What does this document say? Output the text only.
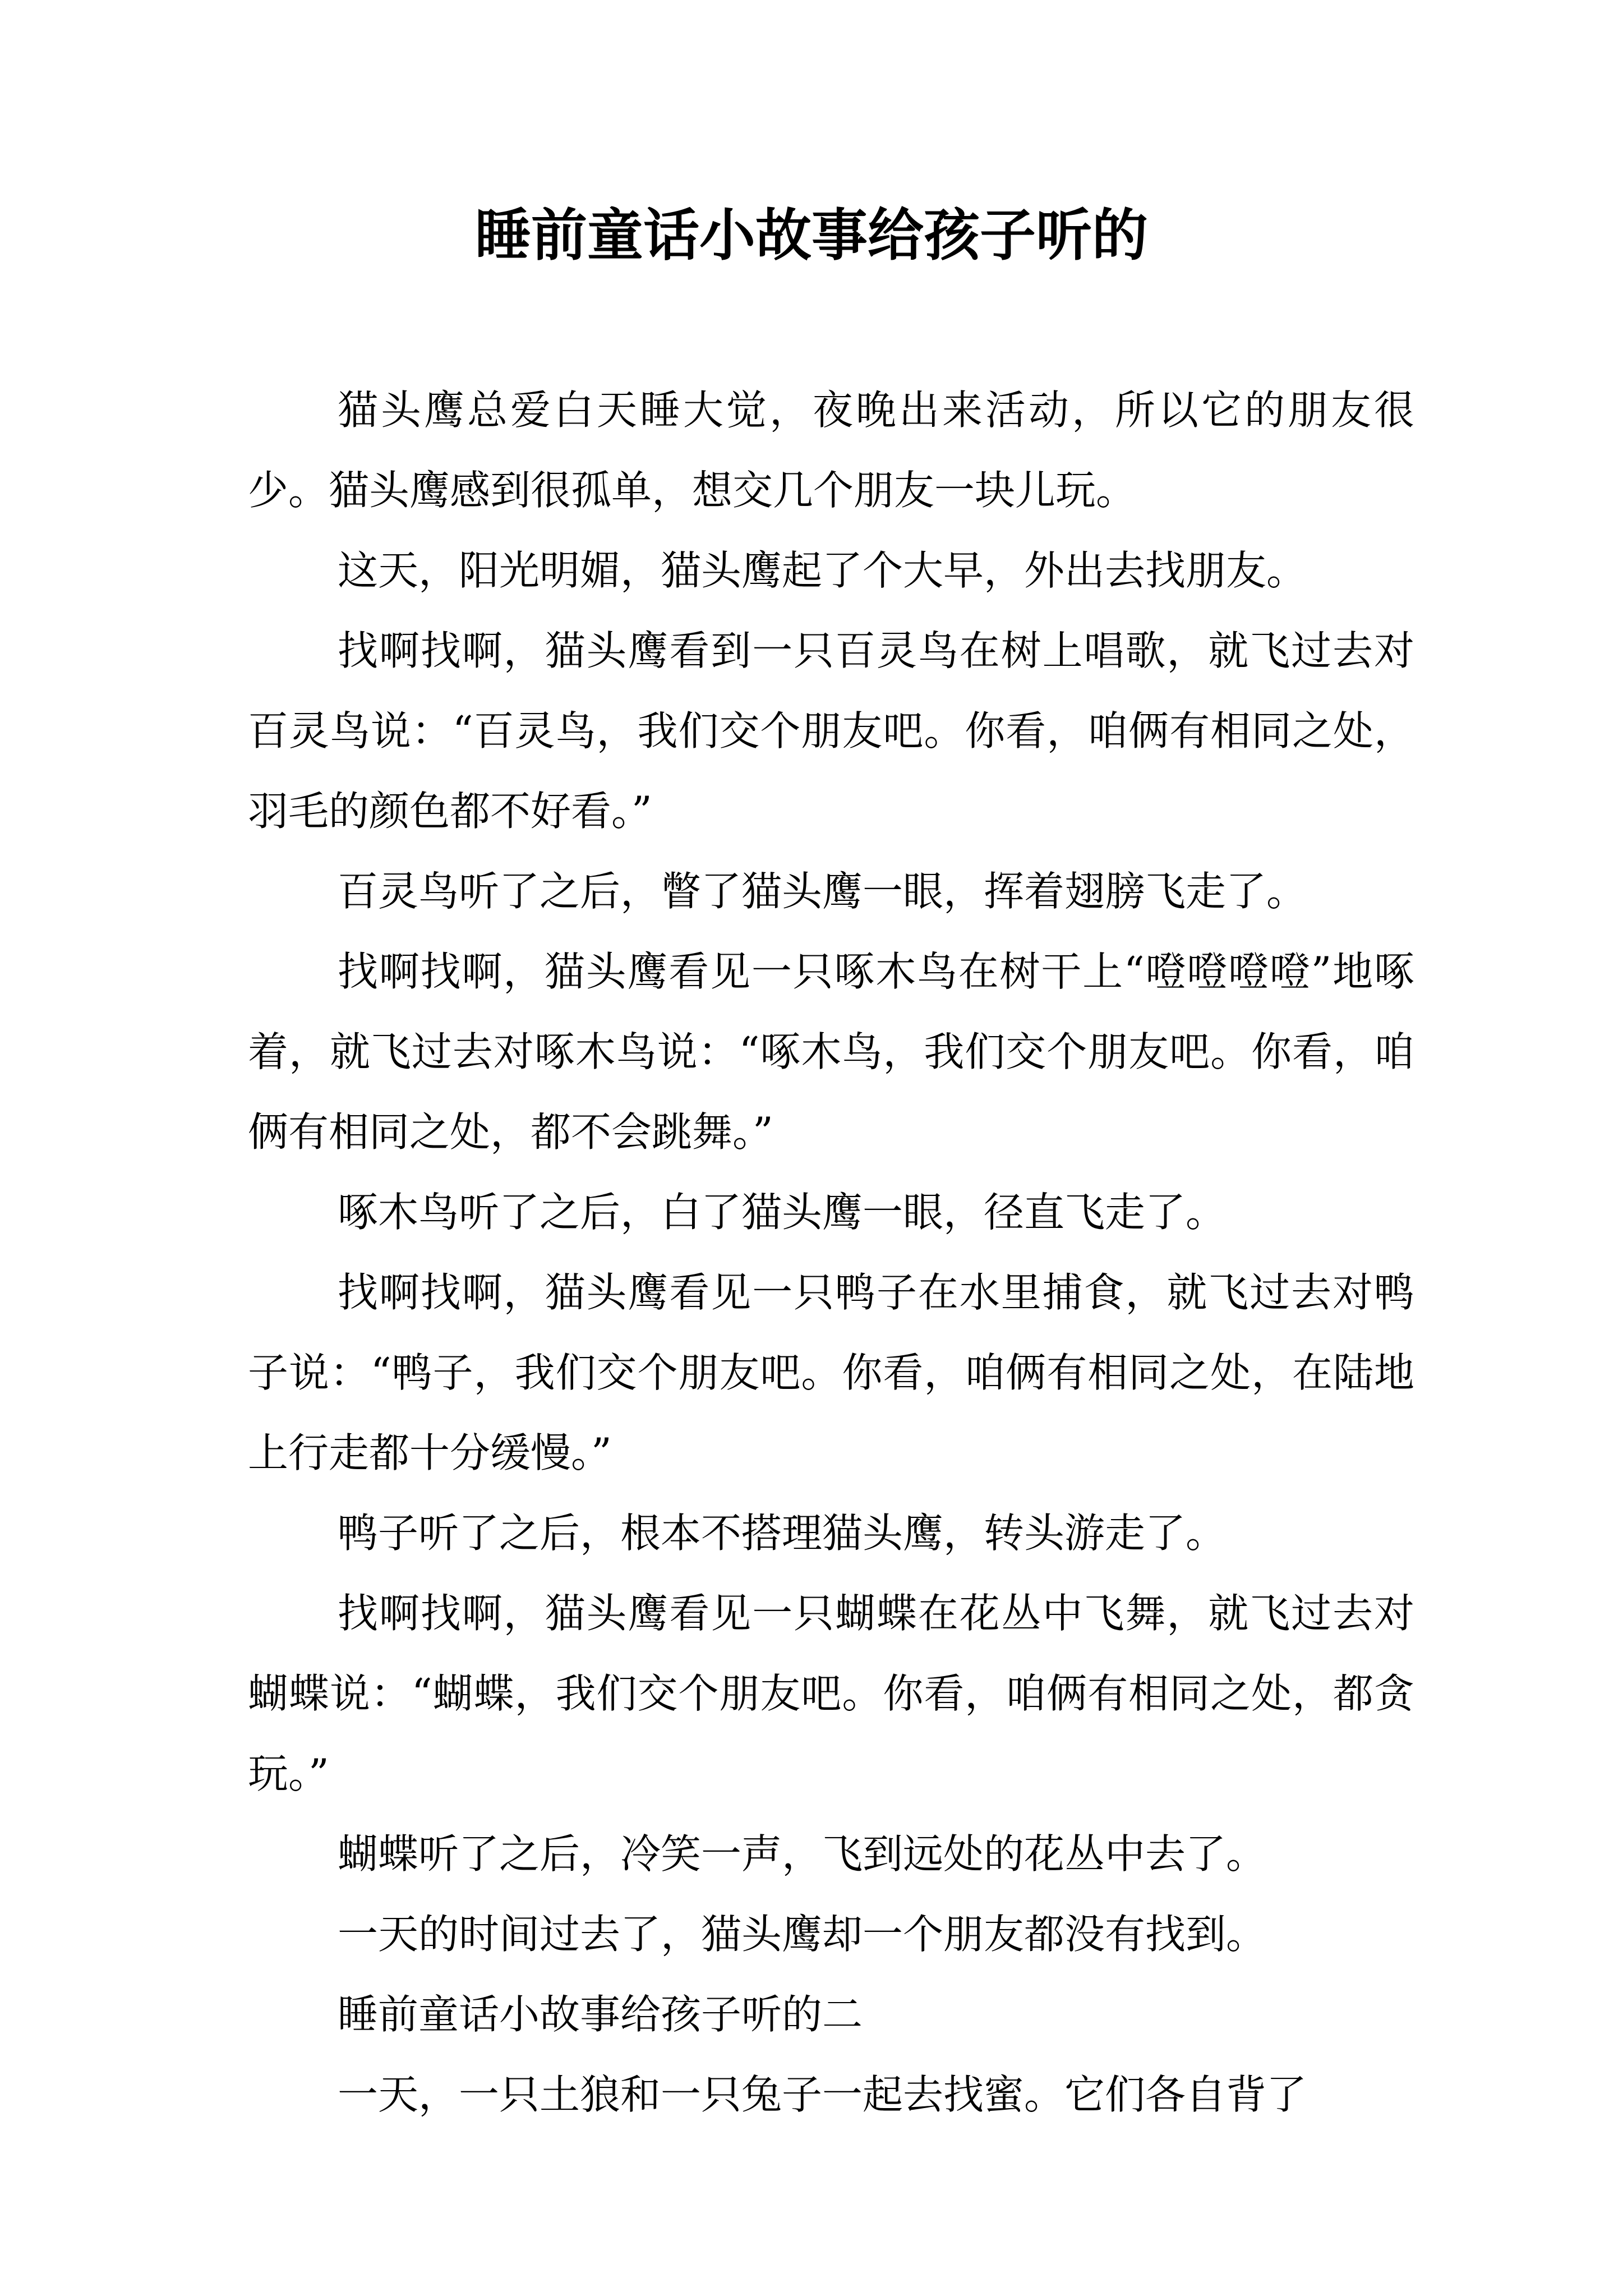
睡前童话小故事给孩子听的

猫头鹰总爱白天睡大觉，夜晚出来活动，所以它的朋友很少。猫头鹰感到很孤单，想交几个朋友一块儿玩。

这天，阳光明媚，猫头鹰起了个大早，外出去找朋友。

找啊找啊，猫头鹰看到一只百灵鸟在树上唱歌，就飞过去对百灵鸟说：“百灵鸟，我们交个朋友吧。你看，咱俩有相同之处，羽毛的颜色都不好看。”

百灵鸟听了之后，瞥了猫头鹰一眼，挥着翅膀飞走了。

找啊找啊，猫头鹰看见一只啄木鸟在树干上“噔噔噔噔”地啄着，就飞过去对啄木鸟说：“啄木鸟，我们交个朋友吧。你看，咱俩有相同之处，都不会跳舞。”

啄木鸟听了之后，白了猫头鹰一眼，径直飞走了。

找啊找啊，猫头鹰看见一只鸭子在水里捕食，就飞过去对鸭子说：“鸭子，我们交个朋友吧。你看，咱俩有相同之处，在陆地上行走都十分缓慢。”

鸭子听了之后，根本不搭理猫头鹰，转头游走了。

找啊找啊，猫头鹰看见一只蝴蝶在花丛中飞舞，就飞过去对蝴蝶说：“蝴蝶，我们交个朋友吧。你看，咱俩有相同之处，都贪玩。”

蝴蝶听了之后，冷笑一声，飞到远处的花丛中去了。

一天的时间过去了，猫头鹰却一个朋友都没有找到。

睡前童话小故事给孩子听的二

一天，一只土狼和一只兔子一起去找蜜。它们各自背了
